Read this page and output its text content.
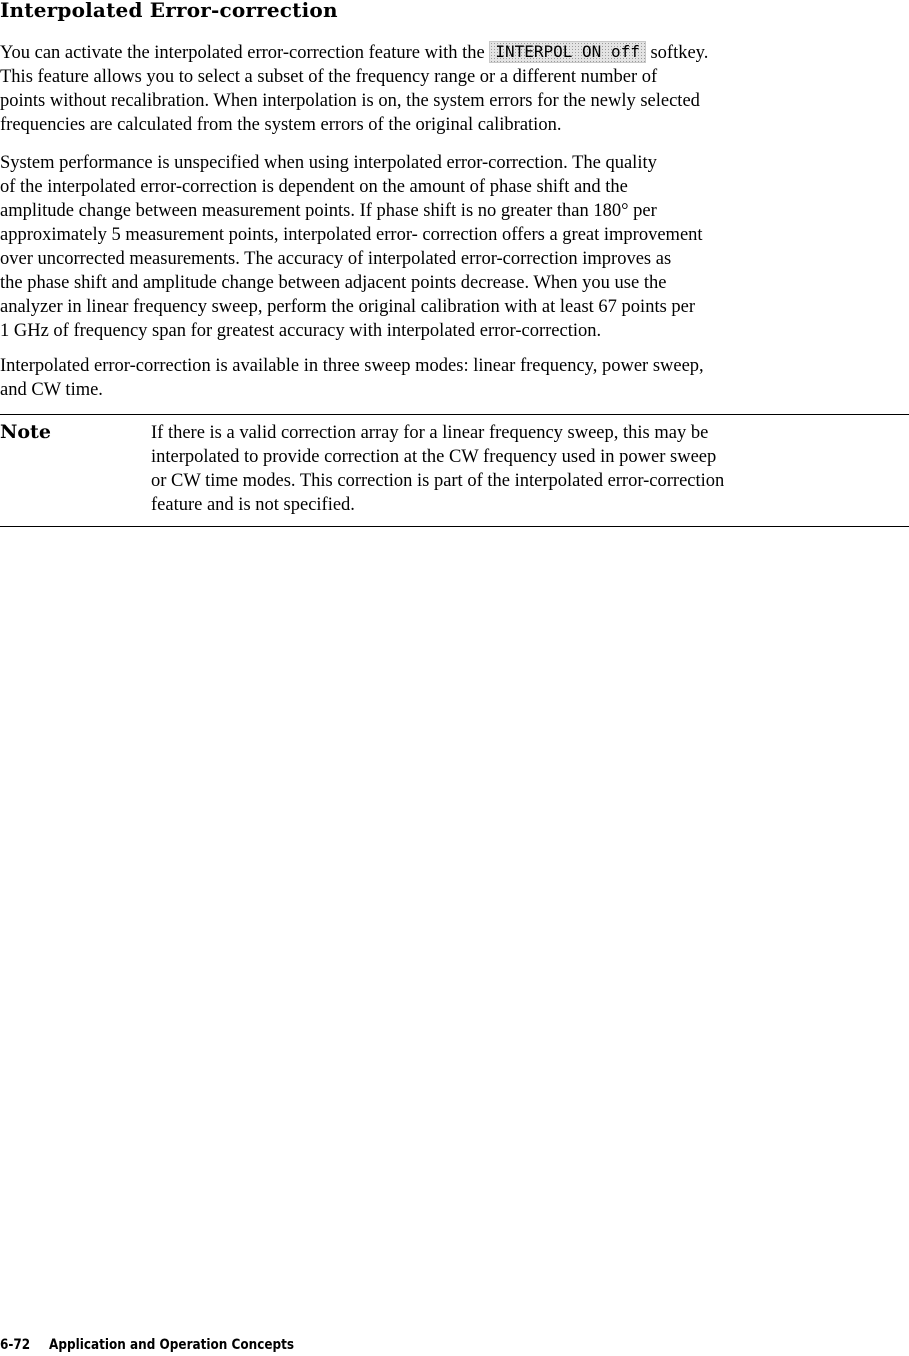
Interpolated Error-correction

You can activate the interpolated error-correction feature with the INTERPOL ON off softkey.
This feature allows you to select a subset of the frequency range or a different number of
points without recalibration. When interpolation is on, the system errors for the newly selected
frequencies are calculated from the system errors of the original calibration.

System performance is unspecified when using interpolated error-correction. The quality
of the interpolated error-correction is dependent on the amount of phase shift and the
amplitude change between measurement points. If phase shift is no greater than 180° per
approximately 5 measurement points, interpolated error- correction offers a great improvement
over uncorrected measurements. The accuracy of interpolated error-correction improves as
the phase shift and amplitude change between adjacent points decrease. When you use the
analyzer in linear frequency sweep, perform the original calibration with at least 67 points per
1 GHz of frequency span for greatest accuracy with interpolated error-correction.

Interpolated error-correction is available in three sweep modes: linear frequency, power sweep,
and CW time.

Note	If there is a valid correction array for a linear frequency sweep, this may be
interpolated to provide correction at the CW frequency used in power sweep
or CW time modes. This correction is part of the interpolated error-correction
feature and is not specified.

6-72 Application and Operation Concepts
